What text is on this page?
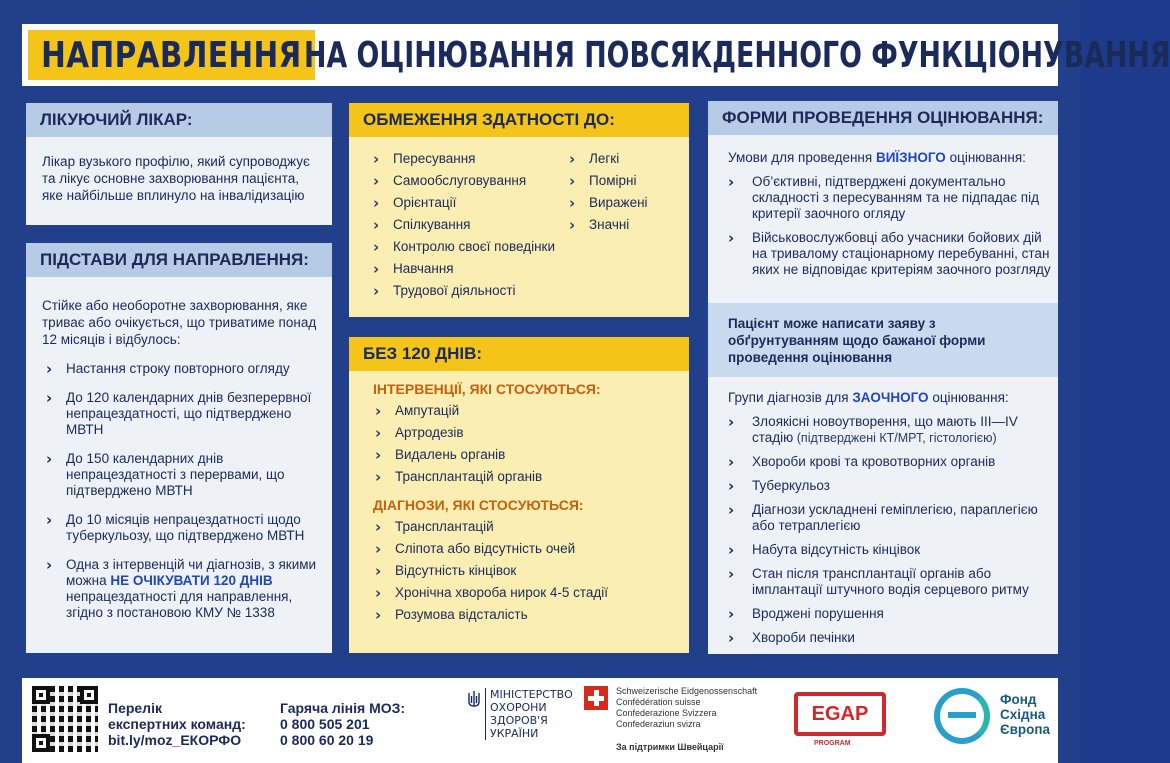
НАПРАВЛЕННЯ НА ОЦІНЮВАННЯ ПОВСЯКДЕННОГО ФУНКЦІОНУВАННЯ
ЛІКУЮЧИЙ ЛІКАР:
Лікар вузького профілю, який супроводжує та лікує основне захворювання пацієнта, яке найбільше вплинуло на інвалідизацію
ПІДСТАВИ ДЛЯ НАПРАВЛЕННЯ:
Стійке або необоротне захворювання, яке триває або очікується, що триватиме понад 12 місяців і відбулось:
› Настання строку повторного огляду
› До 120 календарних днів безперервної непрацездатності, що підтверджено МВТН
› До 150 календарних днів непрацездатності з перервами, що підтверджено МВТН
› До 10 місяців непрацездатності щодо туберкульозу, що підтверджено МВТН
› Одна з інтервенцій чи діагнозів, з якими можна НЕ ОЧІКУВАТИ 120 ДНІВ непрацездатності для направлення, згідно з постановою КМУ № 1338
ОБМЕЖЕННЯ ЗДАТНОСТІ ДО:
› Пересування
› Самообслуговування
› Орієнтації
› Спілкування
› Контролю своєї поведінки
› Навчання
› Трудової діяльності
› Легкі
› Помірні
› Виражені
› Значні
БЕЗ 120 ДНІВ:
ІНТЕРВЕНЦІЇ, ЯКІ СТОСУЮТЬСЯ:
› Ампутацій
› Артродезів
› Видалень органів
› Трансплантацій органів
ДІАГНОЗИ, ЯКІ СТОСУЮТЬСЯ:
› Трансплантацій
› Сліпота або відсутність очей
› Відсутність кінцівок
› Хронічна хвороба нирок 4-5 стадії
› Розумова відсталість
ФОРМИ ПРОВЕДЕННЯ ОЦІНЮВАННЯ:
Умови для проведення ВИЇЗНОГО оцінювання:
› Об’єктивні, підтверджені документально складності з пересуванням та не підпадає під критерії заочного огляду
› Військовослужбовці або учасники бойових дій на тривалому стаціонарному перебуванні, стан яких не відповідає критеріям заочного розгляду
Пацієнт може написати заяву з обґрунтуванням щодо бажаної форми проведення оцінювання
Групи діагнозів для ЗАОЧНОГО оцінювання:
› Злоякісні новоутворення, що мають III—IV стадію (підтверджені КТ/МРТ, гістологією)
› Хвороби крові та кровотворних органів
› Туберкульоз
› Діагнози ускладнені геміплегією, параплегією або тетраплегією
› Набута відсутність кінцівок
› Стан після трансплантації органів або імплантації штучного водія серцевого ритму
› Вроджені порушення
› Хвороби печінки
Перелік
експертних команд:
bit.ly/moz_ЕКОРФО
Гаряча лінія МОЗ:
0 800 505 201
0 800 60 20 19
МІНІСТЕРСТВО
ОХОРОНИ
ЗДОРОВ'Я
УКРАЇНИ
Schweizerische Eidgenossenschaft
Confédération suisse
Confederazione Svizzera
Confederaziun svizra
За підтримки Швейцарії
EGAP
PROGRAM
Фонд
Східна
Європа
